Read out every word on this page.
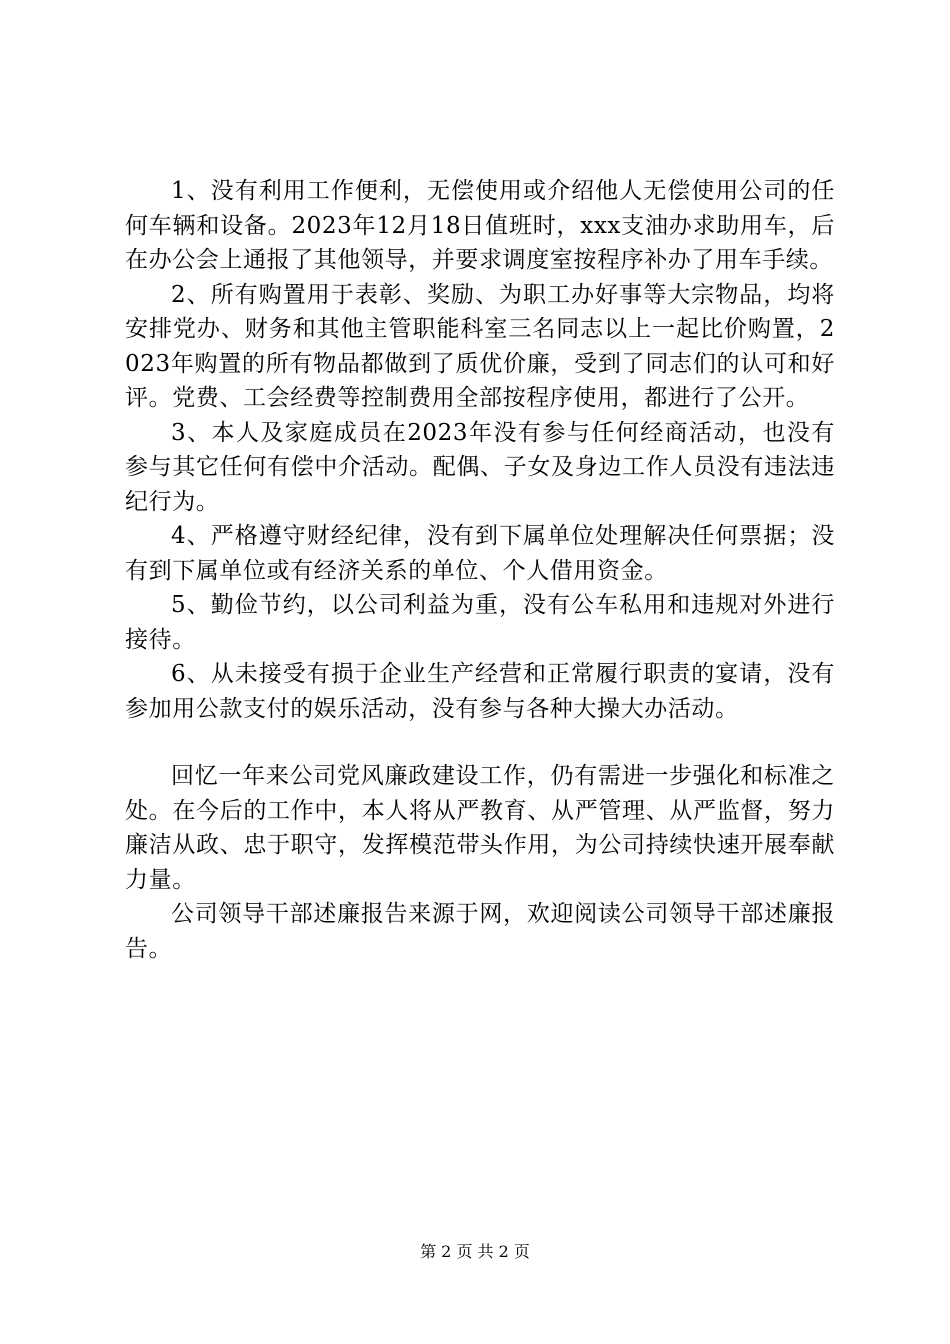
1、没有利用工作便利，无偿使用或介绍他人无偿使用公司的任何车辆和设备。2023年12月18日值班时，xxx支油办求助用车，后在办公会上通报了其他领导，并要求调度室按程序补办了用车手续。

2、所有购置用于表彰、奖励、为职工办好事等大宗物品，均将安排党办、财务和其他主管职能科室三名同志以上一起比价购置，2023年购置的所有物品都做到了质优价廉，受到了同志们的认可和好评。党费、工会经费等控制费用全部按程序使用，都进行了公开。

3、本人及家庭成员在2023年没有参与任何经商活动，也没有参与其它任何有偿中介活动。配偶、子女及身边工作人员没有违法违纪行为。

4、严格遵守财经纪律，没有到下属单位处理解决任何票据；没有到下属单位或有经济关系的单位、个人借用资金。

5、勤俭节约，以公司利益为重，没有公车私用和违规对外进行接待。

6、从未接受有损于企业生产经营和正常履行职责的宴请，没有参加用公款支付的娱乐活动，没有参与各种大操大办活动。

回忆一年来公司党风廉政建设工作，仍有需进一步强化和标准之处。在今后的工作中，本人将从严教育、从严管理、从严监督，努力廉洁从政、忠于职守，发挥模范带头作用，为公司持续快速开展奉献力量。

公司领导干部述廉报告来源于网，欢迎阅读公司领导干部述廉报告。

第 2 页 共 2 页
